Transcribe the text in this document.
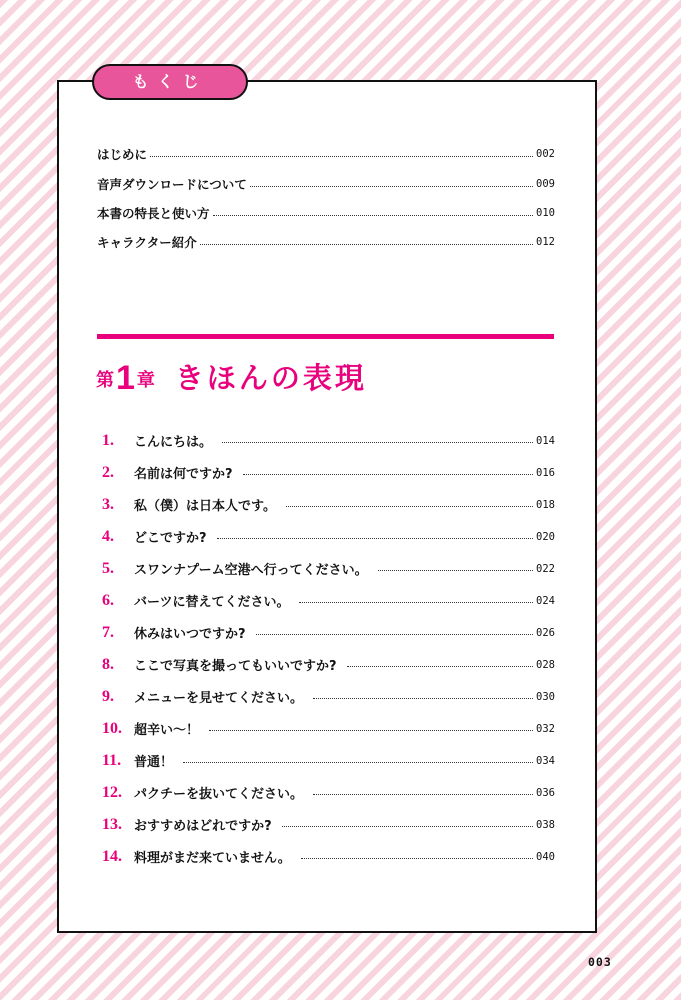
もくじ
はじめに	002
音声ダウンロードについて	009
本書の特長と使い方	010
キャラクター紹介	012
第 1 章 きほんの表現
1.	こんにちは。	014
2.	名前は何ですか?	016
3.	私（僕）は日本人です。	018
4.	どこですか?	020
5.	スワンナプーム空港へ行ってください。	022
6.	バーツに替えてください。	024
7.	休みはいつですか?	026
8.	ここで写真を撮ってもいいですか?	028
9.	メニューを見せてください。	030
10. 超辛い〜！	032
11. 普通！	034
12. パクチーを抜いてください。	036
13. おすすめはどれですか?	038
14. 料理がまだ来ていません。	040
003
